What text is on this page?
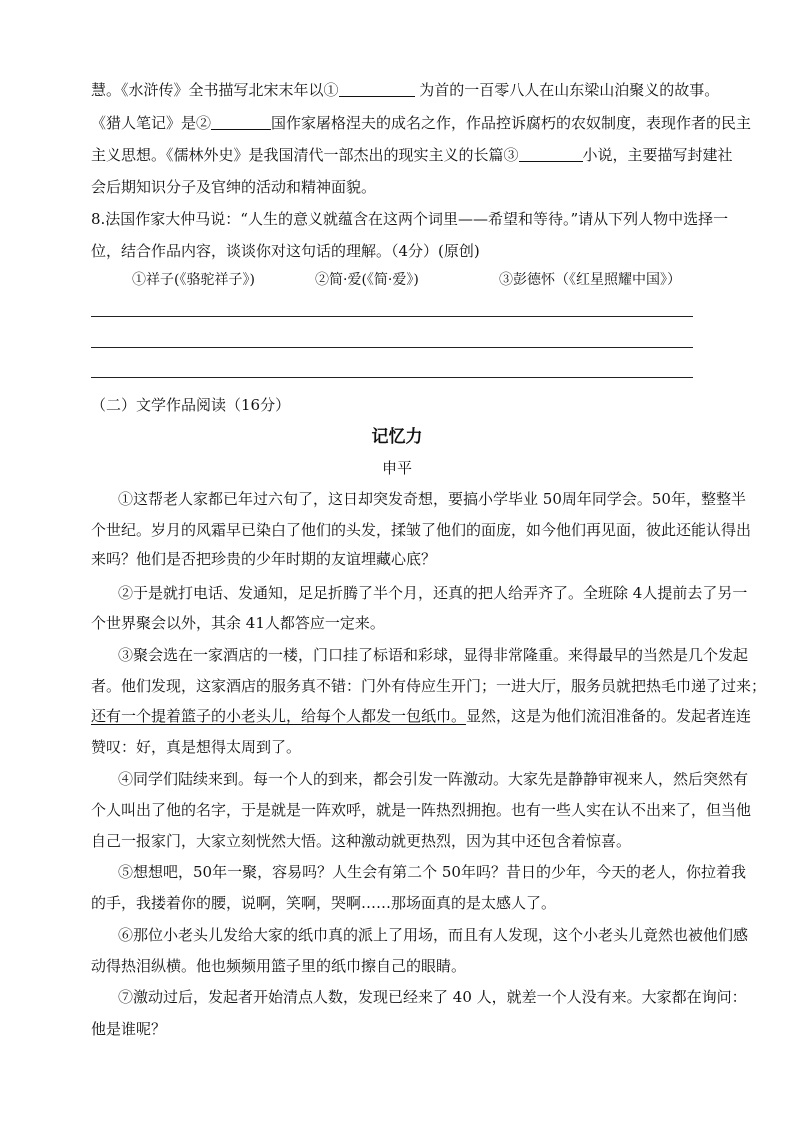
慧。《水浒传》全书描写北宋末年以①	为首的一百零八人在山东梁山泊聚义的故事。
《猎人笔记》是②	国作家屠格涅夫的成名之作，作品控诉腐朽的农奴制度，表现作者的民主
主义思想。《儒林外史》是我国清代一部杰出的现实主义的长篇③	小说，主要描写封建社
会后期知识分子及官绅的活动和精神面貌。
8.法国作家大仲马说：“人生的意义就蕴含在这两个词里——希望和等待。”请从下列人物中选择一
位，结合作品内容，谈谈你对这句话的理解。（4分）(原创)
①祥子(《骆驼祥子》)	②简·爱(《简·爱》)	③彭德怀（《红星照耀中国》）
（二）文学作品阅读（16分）
记忆力
申平
①这帮老人家都已年过六旬了，这日却突发奇想，要搞小学毕业 50周年同学会。50年，整整半
个世纪。岁月的风霜早已染白了他们的头发，揉皱了他们的面庞，如今他们再见面，彼此还能认得出
来吗？他们是否把珍贵的少年时期的友谊埋藏心底？
②于是就打电话、发通知，足足折腾了半个月，还真的把人给弄齐了。全班除 4人提前去了另一
个世界聚会以外，其余 41人都答应一定来。
③聚会选在一家酒店的一楼，门口挂了标语和彩球，显得非常隆重。来得最早的当然是几个发起
者。他们发现，这家酒店的服务真不错：门外有侍应生开门；一进大厅，服务员就把热毛巾递了过来；
还有一个提着篮子的小老头儿，给每个人都发一包纸巾。显然，这是为他们流泪准备的。发起者连连
赞叹：好，真是想得太周到了。
④同学们陆续来到。每一个人的到来，都会引发一阵激动。大家先是静静审视来人，然后突然有
个人叫出了他的名字，于是就是一阵欢呼，就是一阵热烈拥抱。也有一些人实在认不出来了，但当他
自己一报家门，大家立刻恍然大悟。这种激动就更热烈，因为其中还包含着惊喜。
⑤想想吧，50年一聚，容易吗？人生会有第二个 50年吗？昔日的少年，今天的老人，你拉着我
的手，我搂着你的腰，说啊，笑啊，哭啊……那场面真的是太感人了。
⑥那位小老头儿发给大家的纸巾真的派上了用场，而且有人发现，这个小老头儿竟然也被他们感
动得热泪纵横。他也频频用篮子里的纸巾擦自己的眼睛。
⑦激动过后，发起者开始清点人数，发现已经来了 40 人，就差一个人没有来。大家都在询问：
他是谁呢？
